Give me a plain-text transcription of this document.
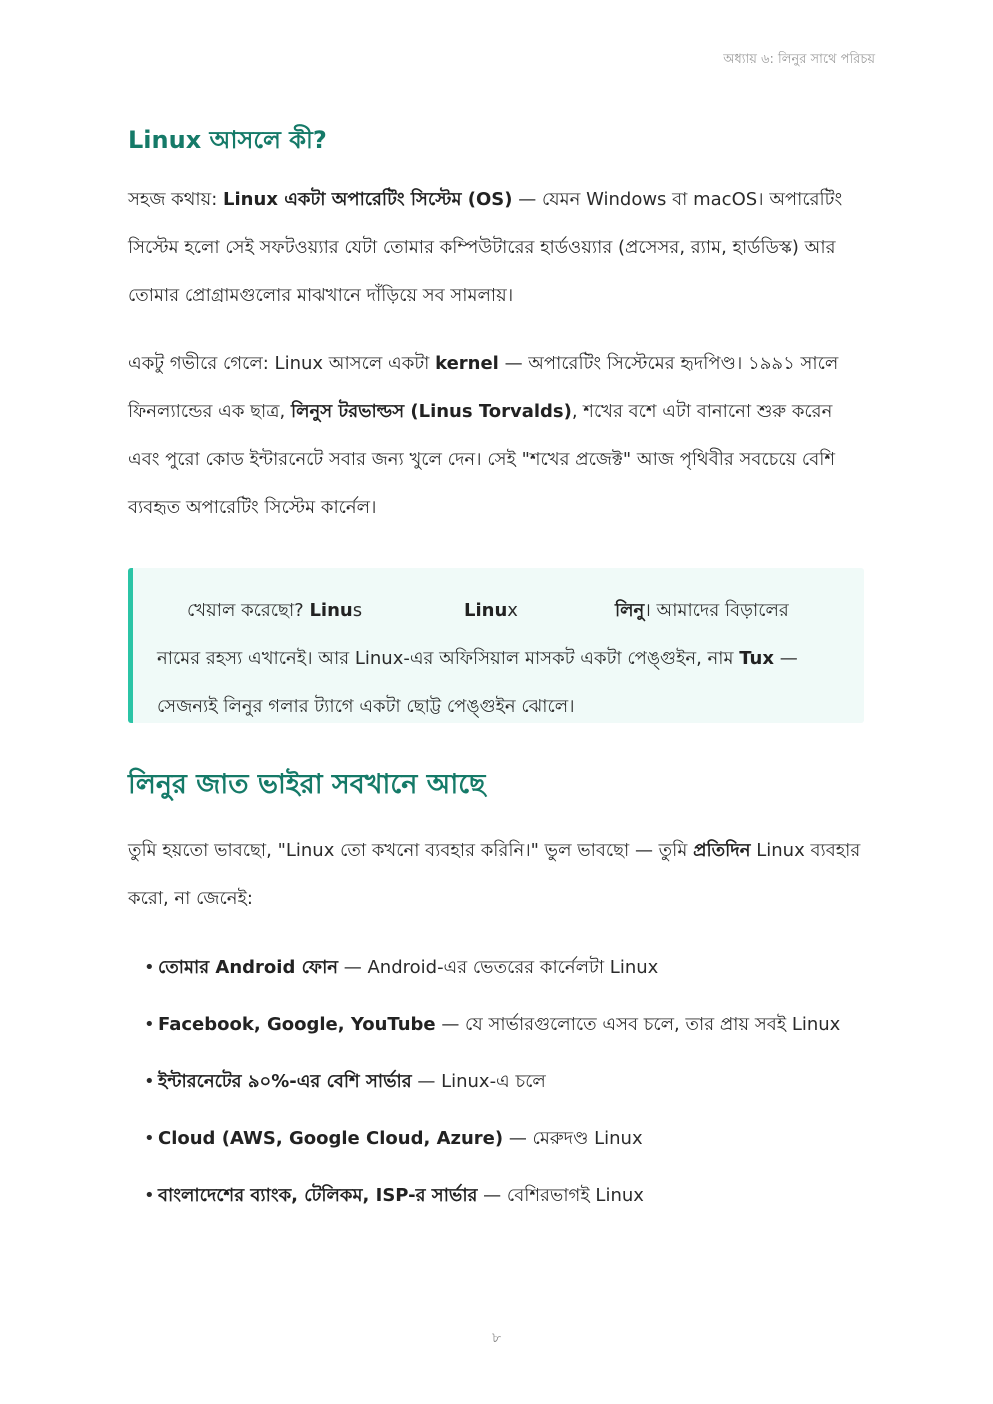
অধ্যায় ৬: লিনুর সাথে পরিচয়
Linux আসলে কী?

সহজ কথায়: Linux একটা অপারেটিং সিস্টেম (OS) — যেমন Windows বা macOS। অপারেটিং সিস্টেম হলো সেই সফটওয়্যার যেটা তোমার কম্পিউটারের হার্ডওয়্যার (প্রসেসর, র‍্যাম, হার্ডডিস্ক) আর তোমার প্রোগ্রামগুলোর মাঝখানে দাঁড়িয়ে সব সামলায়।

একটু গভীরে গেলে: Linux আসলে একটা kernel — অপারেটিং সিস্টেমের হৃদপিণ্ড। ১৯৯১ সালে ফিনল্যান্ডের এক ছাত্র, লিনুস টরভাল্ডস (Linus Torvalds), শখের বশে এটা বানানো শুরু করেন এবং পুরো কোড ইন্টারনেটে সবার জন্য খুলে দেন। সেই "শখের প্রজেক্ট" আজ পৃথিবীর সবচেয়ে বেশি ব্যবহৃত অপারেটিং সিস্টেম কার্নেল।

খেয়াল করেছো? Linus	Linux	লিনু। আমাদের বিড়ালের
নামের রহস্য এখানেই। আর Linux-এর অফিসিয়াল মাসকট একটা পেঙ্গুইন, নাম Tux — সেজন্যই লিনুর গলার ট্যাগে একটা ছোট্ট পেঙ্গুইন ঝোলে।
লিনুর জাত ভাইরা সবখানে আছে

তুমি হয়তো ভাবছো, "Linux তো কখনো ব্যবহার করিনি।" ভুল ভাবছো — তুমি প্রতিদিন Linux ব্যবহার করো, না জেনেই:

• তোমার Android ফোন — Android-এর ভেতরের কার্নেলটা Linux
• Facebook, Google, YouTube — যে সার্ভারগুলোতে এসব চলে, তার প্রায় সবই Linux
• ইন্টারনেটের ৯০%-এর বেশি সার্ভার — Linux-এ চলে
• Cloud (AWS, Google Cloud, Azure) — মেরুদণ্ড Linux
• বাংলাদেশের ব্যাংক, টেলিকম, ISP-র সার্ভার — বেশিরভাগই Linux
৮
